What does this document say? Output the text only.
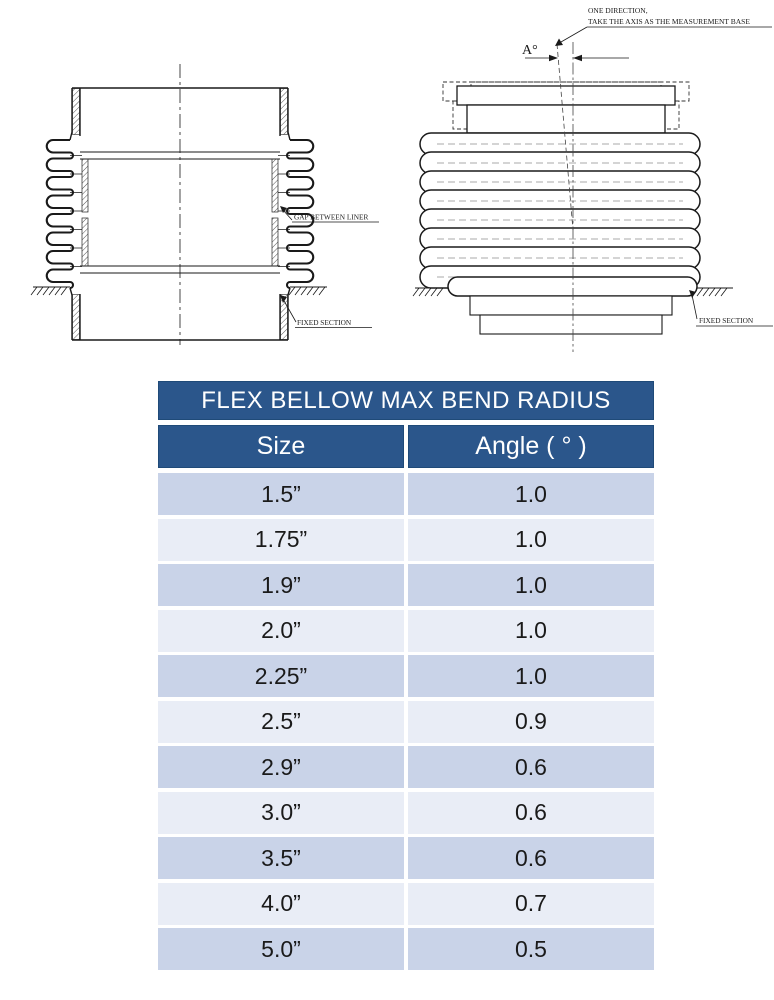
GAP BETWEEN LINER
FIXED SECTION
A°
ONE DIRECTION,
TAKE THE AXIS AS THE MEASUREMENT BASE
FIXED SECTION
FLEX BELLOW MAX BEND RADIUS
Size	Angle ( ° )
1.5”	1.0
1.75”	1.0
1.9”	1.0
2.0”	1.0
2.25”	1.0
2.5”	0.9
2.9”	0.6
3.0”	0.6
3.5”	0.6
4.0”	0.7
5.0”	0.5
